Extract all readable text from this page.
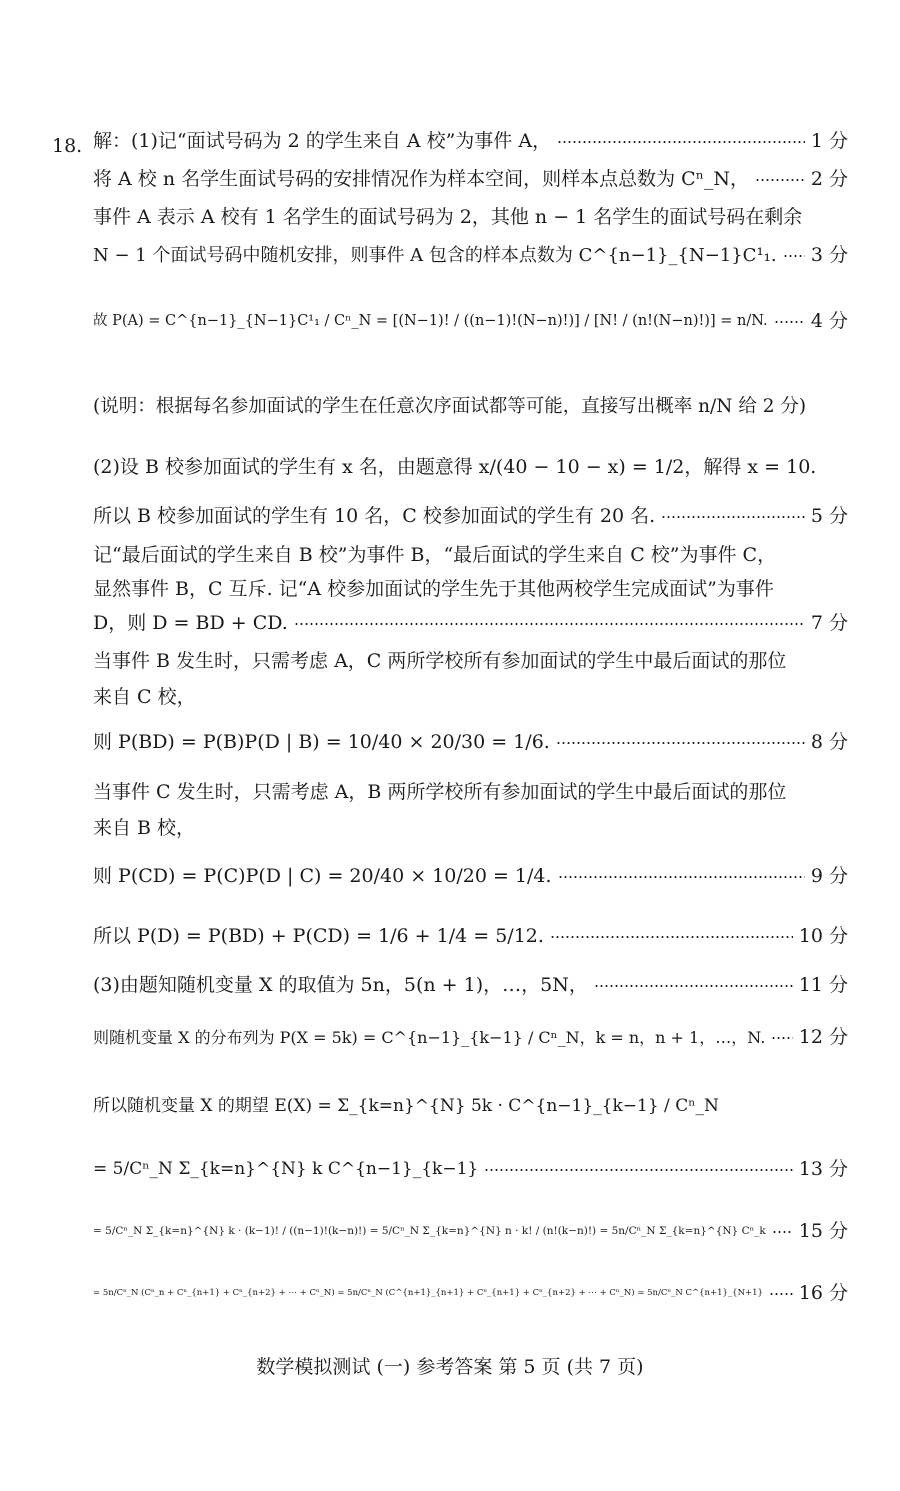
18. 解：(1)记“面试号码为 2 的学生来自 A 校”为事件 A，	1 分
将 A 校 n 名学生面试号码的安排情况作为样本空间，则样本点总数为 Cⁿ_N，	2 分
事件 A 表示 A 校有 1 名学生的面试号码为 2，其他 n − 1 名学生的面试号码在剩余
N − 1 个面试号码中随机安排，则事件 A 包含的样本点数为 C^{n−1}_{N−1}C¹₁. 3 分
故 P(A) = C^{n−1}_{N−1}C¹₁ / Cⁿ_N = [(N−1)! / ((n−1)!(N−n)!)] / [N! / (n!(N−n)!)] = n/N. 4 分
(说明：根据每名参加面试的学生在任意次序面试都等可能，直接写出概率 n/N 给 2 分)
(2)设 B 校参加面试的学生有 x 名，由题意得 x/(40 − 10 − x) = 1/2，解得 x = 10.
所以 B 校参加面试的学生有 10 名，C 校参加面试的学生有 20 名.	5 分
记“最后面试的学生来自 B 校”为事件 B，“最后面试的学生来自 C 校”为事件 C，
显然事件 B，C 互斥. 记“A 校参加面试的学生先于其他两校学生完成面试”为事件
D，则 D = BD + CD.	7 分
当事件 B 发生时，只需考虑 A，C 两所学校所有参加面试的学生中最后面试的那位
来自 C 校，
则 P(BD) = P(B)P(D | B) = 10/40 × 20/30 = 1/6.	8 分
当事件 C 发生时，只需考虑 A，B 两所学校所有参加面试的学生中最后面试的那位
来自 B 校，
则 P(CD) = P(C)P(D | C) = 20/40 × 10/20 = 1/4.	9 分
所以 P(D) = P(BD) + P(CD) = 1/6 + 1/4 = 5/12.	10 分
(3)由题知随机变量 X 的取值为 5n，5(n + 1)，…，5N，	11 分
则随机变量 X 的分布列为 P(X = 5k) = C^{n−1}_{k−1} / Cⁿ_N，k = n，n + 1，…，N. 12 分
所以随机变量 X 的期望 E(X) = Σ_{k=n}^{N} 5k · C^{n−1}_{k−1} / Cⁿ_N
= 5/Cⁿ_N Σ_{k=n}^{N} k C^{n−1}_{k−1}	13 分
= 5/Cⁿ_N Σ_{k=n}^{N} k · (k−1)! / ((n−1)!(k−n)!) = 5/Cⁿ_N Σ_{k=n}^{N} n · k! / (n!(k−n)!) = 5n/Cⁿ_N Σ_{k=n}^{N} Cⁿ_k 15 分
= 5n/Cⁿ_N (Cⁿ_n + Cⁿ_{n+1} + Cⁿ_{n+2} + ⋯ + Cⁿ_N) = 5n/Cⁿ_N (C^{n+1}_{n+1} + Cⁿ_{n+1} + Cⁿ_{n+2} + ⋯ + Cⁿ_N) = 5n/Cⁿ_N C^{n+1}_{N+1} 16 分
数学模拟测试 (一) 参考答案 第 5 页 (共 7 页)
